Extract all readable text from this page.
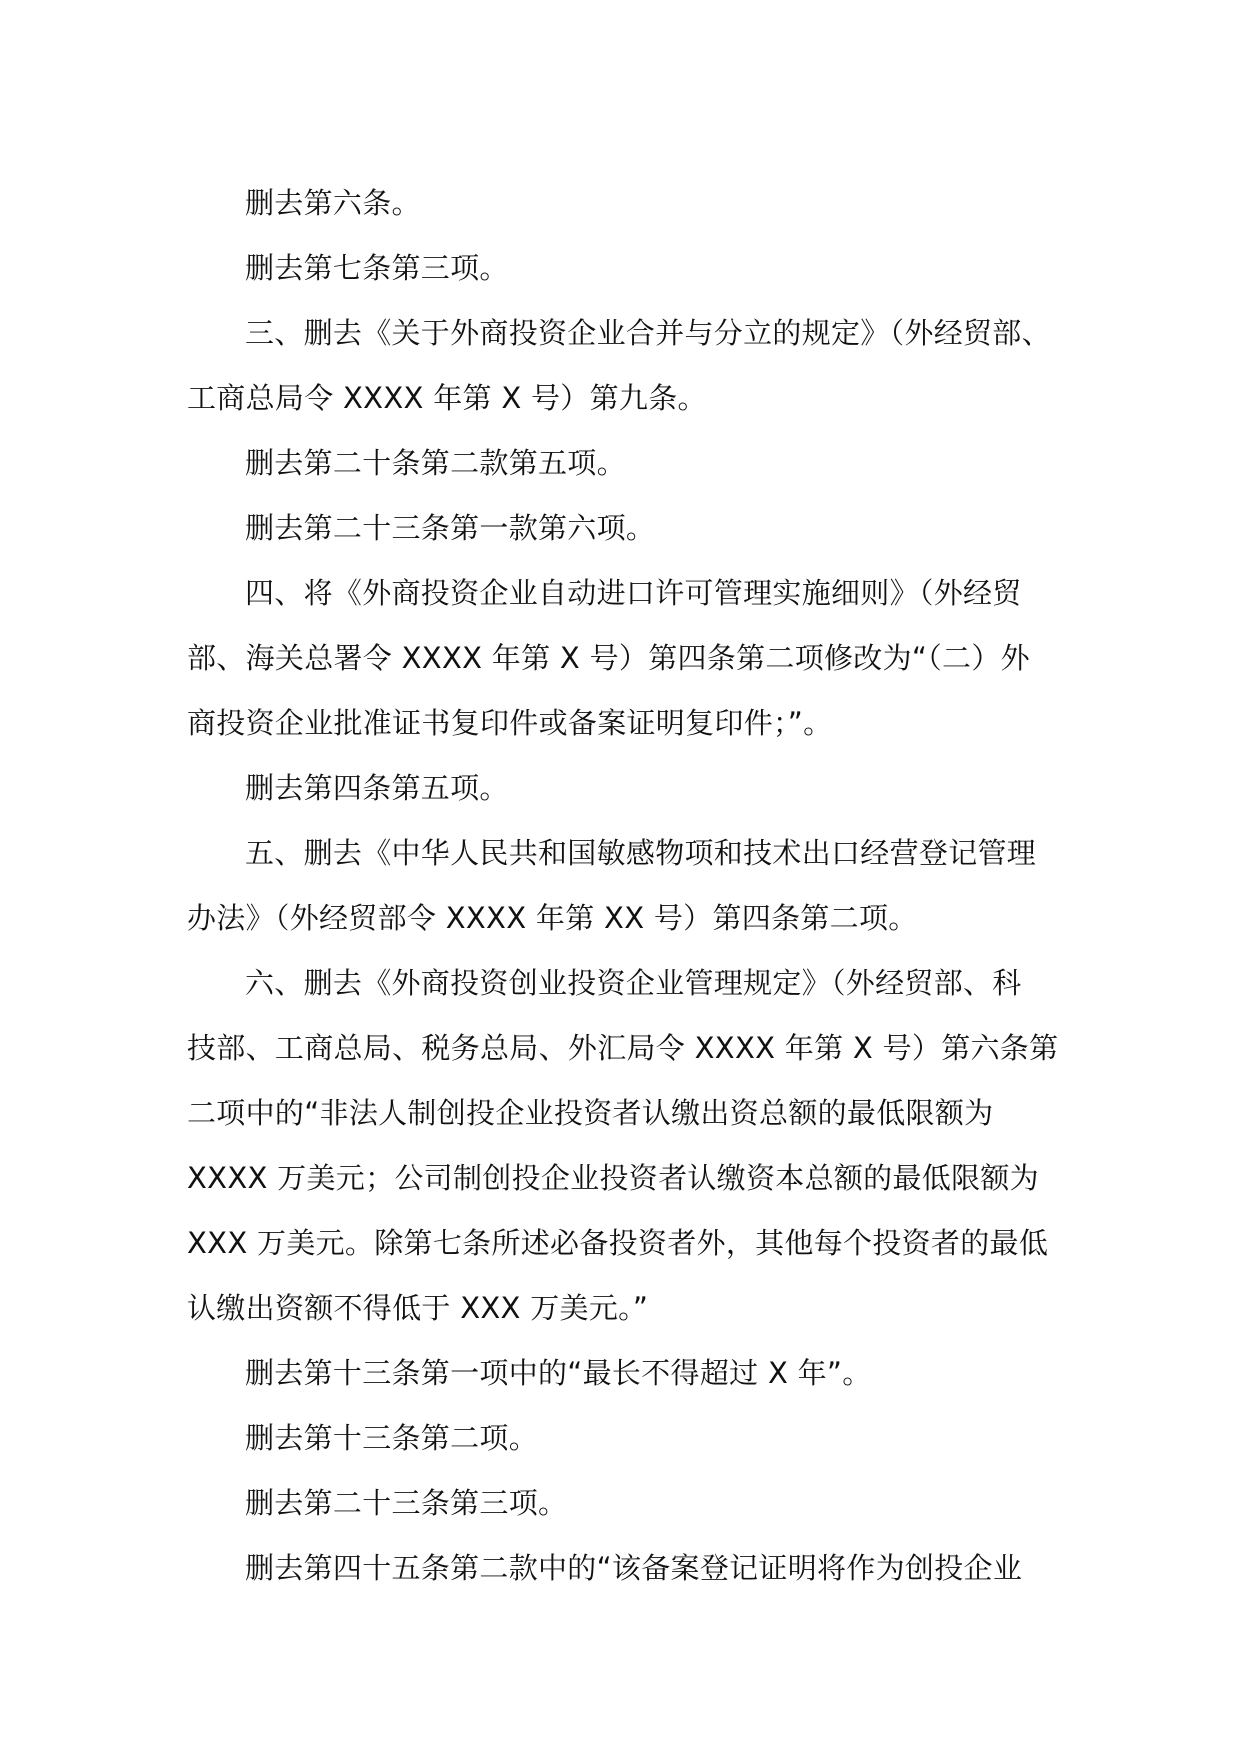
删去第六条。
删去第七条第三项。
三、删去《关于外商投资企业合并与分立的规定》（外经贸部、
工商总局令 XXXX 年第 X 号）第九条。
删去第二十条第二款第五项。
删去第二十三条第一款第六项。
四、将《外商投资企业自动进口许可管理实施细则》（外经贸
部、海关总署令 XXXX 年第 X 号）第四条第二项修改为“（二）外
商投资企业批准证书复印件或备案证明复印件；”。
删去第四条第五项。
五、删去《中华人民共和国敏感物项和技术出口经营登记管理
办法》（外经贸部令 XXXX 年第 XX 号）第四条第二项。
六、删去《外商投资创业投资企业管理规定》（外经贸部、科
技部、工商总局、税务总局、外汇局令 XXXX 年第 X 号）第六条第
二项中的“非法人制创投企业投资者认缴出资总额的最低限额为
XXXX 万美元；公司制创投企业投资者认缴资本总额的最低限额为
XXX 万美元。除第七条所述必备投资者外，其他每个投资者的最低
认缴出资额不得低于 XXX 万美元。”
删去第十三条第一项中的“最长不得超过 X 年”。
删去第十三条第二项。
删去第二十三条第三项。
删去第四十五条第二款中的“该备案登记证明将作为创投企业
